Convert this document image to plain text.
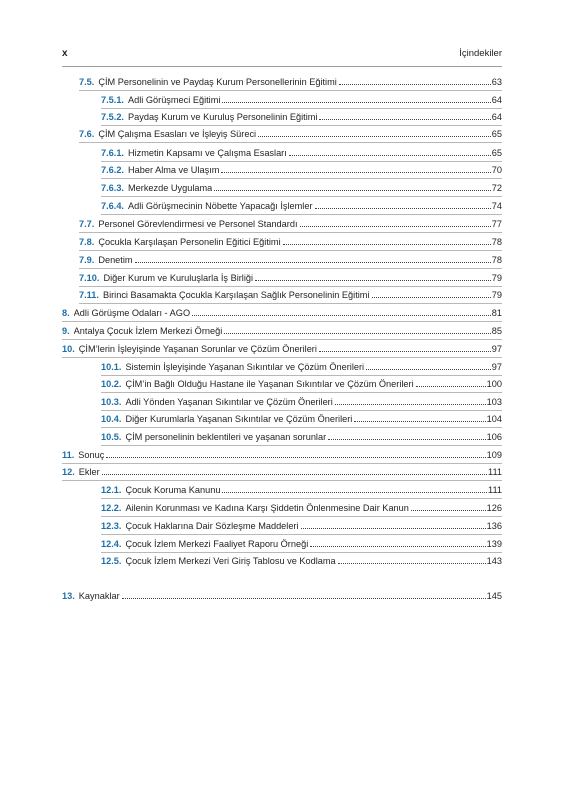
x	İçindekiler
7.5. ÇİM Personelinin ve Paydaş Kurum Personellerinin Eğitimi	63
7.5.1. Adli Görüşmeci Eğitimi	64
7.5.2. Paydaş Kurum ve Kuruluş Personelinin Eğitimi	64
7.6. ÇİM Çalışma Esasları ve İşleyiş Süreci	65
7.6.1. Hizmetin Kapsamı ve Çalışma Esasları	65
7.6.2. Haber Alma ve Ulaşım	70
7.6.3. Merkezde Uygulama	72
7.6.4. Adli Görüşmecinin Nöbette Yapacağı İşlemler	74
7.7. Personel Görevlendirmesi ve Personel Standardı	77
7.8. Çocukla Karşılaşan Personelin Eğitici Eğitimi	78
7.9. Denetim	78
7.10. Diğer Kurum ve Kuruluşlarla İş Birliği	79
7.11. Birinci Basamakta Çocukla Karşılaşan Sağlık Personelinin Eğitimi	79
8. Adli Görüşme Odaları - AGO	81
9. Antalya Çocuk İzlem Merkezi Örneği	85
10. ÇİM’lerin İşleyişinde Yaşanan Sorunlar ve Çözüm Önerileri	97
10.1. Sistemin İşleyişinde Yaşanan Sıkıntılar ve Çözüm Önerileri	97
10.2. ÇİM’in Bağlı Olduğu Hastane ile Yaşanan Sıkıntılar ve Çözüm Önerileri	100
10.3. Adli Yönden Yaşanan Sıkıntılar ve Çözüm Önerileri	103
10.4. Diğer Kurumlarla Yaşanan Sıkıntılar ve Çözüm Önerileri	104
10.5. ÇİM personelinin beklentileri ve yaşanan sorunlar	106
11. Sonuç	109
12. Ekler	111
12.1. Çocuk Koruma Kanunu	111
12.2. Ailenin Korunması ve Kadına Karşı Şiddetin Önlenmesine Dair Kanun	126
12.3. Çocuk Haklarına Dair Sözleşme Maddeleri	136
12.4. Çocuk İzlem Merkezi Faaliyet Raporu Örneği	139
12.5. Çocuk İzlem Merkezi Veri Giriş Tablosu ve Kodlama	143
13. Kaynaklar	145
